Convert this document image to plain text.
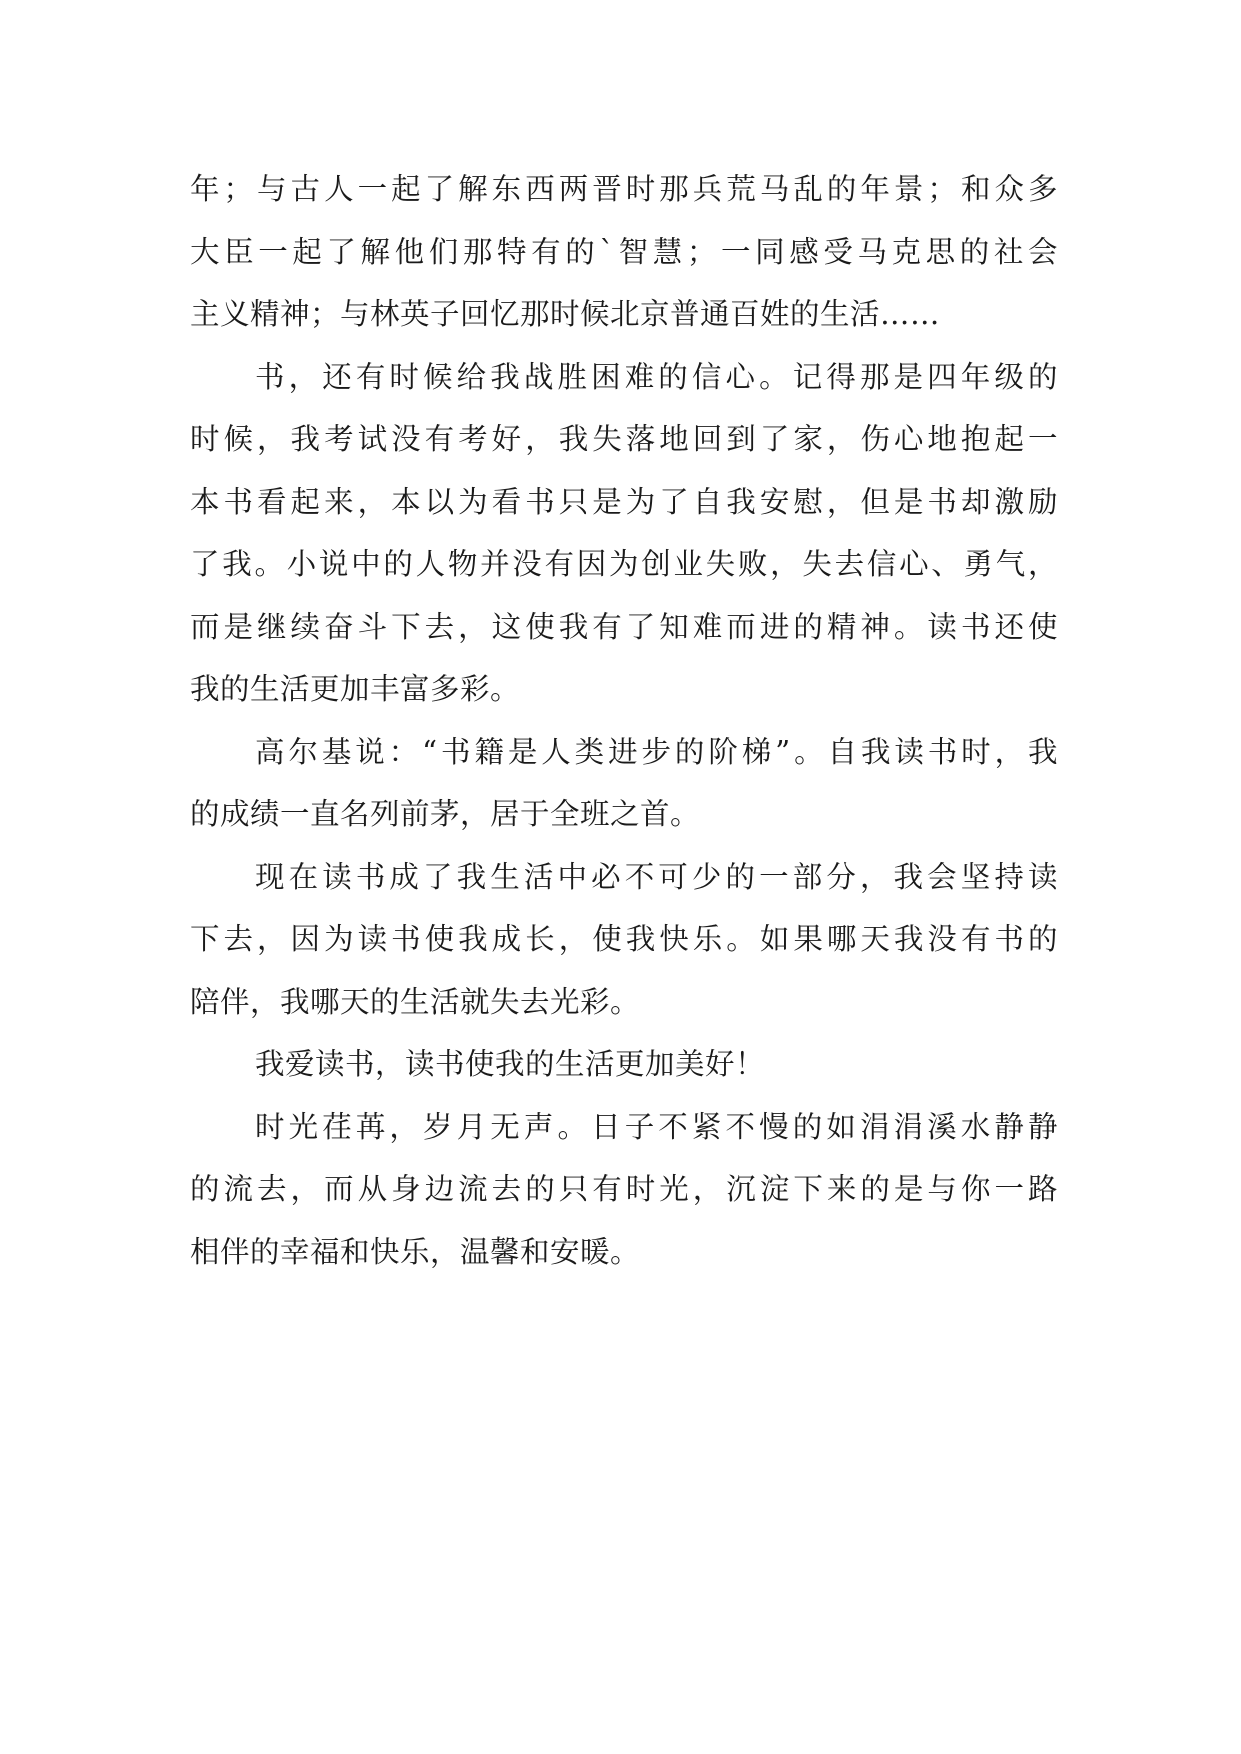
年；与古人一起了解东西两晋时那兵荒马乱的年景；和众多
大臣一起了解他们那特有的`智慧；一同感受马克思的社会
主义精神；与林英子回忆那时候北京普通百姓的生活……
书，还有时候给我战胜困难的信心。记得那是四年级的
时候，我考试没有考好，我失落地回到了家，伤心地抱起一
本书看起来，本以为看书只是为了自我安慰，但是书却激励
了我。小说中的人物并没有因为创业失败，失去信心、勇气，
而是继续奋斗下去，这使我有了知难而进的精神。读书还使
我的生活更加丰富多彩。
高尔基说：“书籍是人类进步的阶梯”。自我读书时，我
的成绩一直名列前茅，居于全班之首。
现在读书成了我生活中必不可少的一部分，我会坚持读
下去，因为读书使我成长，使我快乐。如果哪天我没有书的
陪伴，我哪天的生活就失去光彩。
我爱读书，读书使我的生活更加美好！
时光荏苒，岁月无声。日子不紧不慢的如涓涓溪水静静
的流去，而从身边流去的只有时光，沉淀下来的是与你一路
相伴的幸福和快乐，温馨和安暖。
